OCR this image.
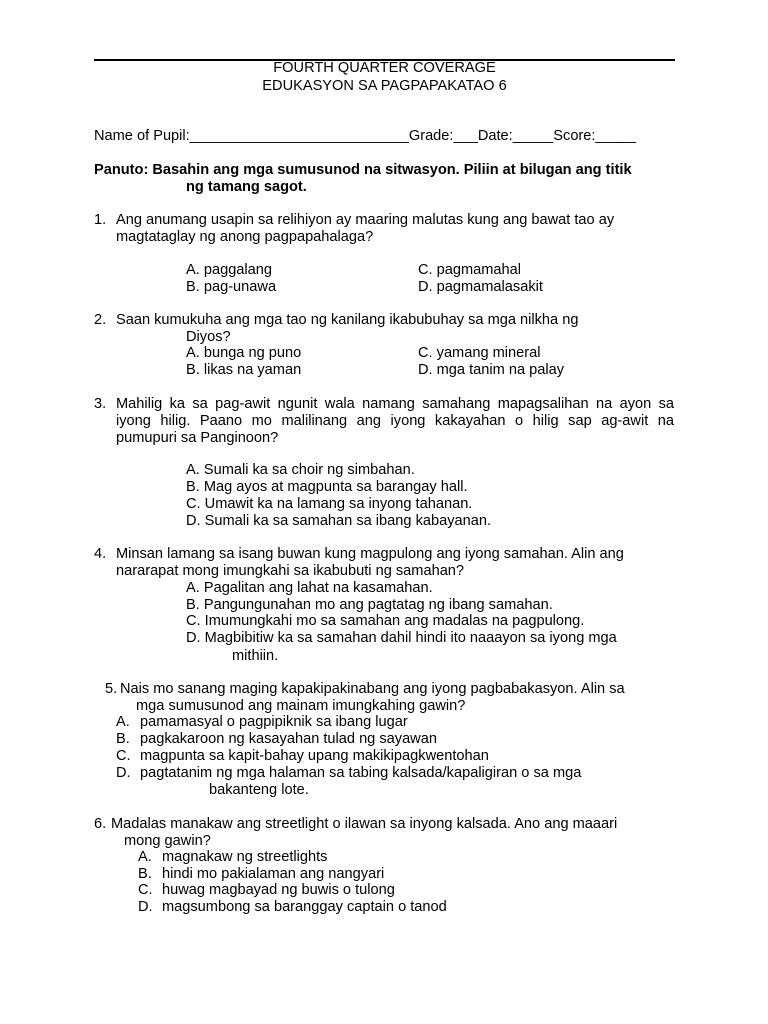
FOURTH QUARTER COVERAGE
EDUKASYON SA PAGPAPAKATAO 6
Name of Pupil:___________________________Grade:___Date:_____Score:_____
Panuto: Basahin ang mga sumusunod na sitwasyon. Piliin at bilugan ang titik
ng tamang sagot.
1. Ang anumang usapin sa relihiyon ay maaring malutas kung ang bawat tao ay
magtataglay ng anong pagpapahalaga?
A. paggalang	C. pagmamahal
B. pag-unawa	D. pagmamalasakit
2. Saan kumukuha ang mga tao ng kanilang ikabubuhay sa mga nilkha ng
Diyos?
A. bunga ng puno	C. yamang mineral
B. likas na yaman	D. mga tanim na palay
3. Mahilig ka sa pag-awit ngunit wala namang samahang mapagsalihan na ayon sa
iyong hilig. Paano mo malilinang ang iyong kakayahan o hilig sap ag-awit na
pumupuri sa Panginoon?
A. Sumali ka sa choir ng simbahan.
B. Mag ayos at magpunta sa barangay hall.
C. Umawit ka na lamang sa inyong tahanan.
D. Sumali ka sa samahan sa ibang kabayanan.
4. Minsan lamang sa isang buwan kung magpulong ang iyong samahan. Alin ang
nararapat mong imungkahi sa ikabubuti ng samahan?
A. Pagalitan ang lahat na kasamahan.
B. Pangungunahan mo ang pagtatag ng ibang samahan.
C. Imumungkahi mo sa samahan ang madalas na pagpulong.
D. Magbibitiw ka sa samahan dahil hindi ito naaayon sa iyong mga
mithiin.
5. Nais mo sanang maging kapakipakinabang ang iyong pagbabakasyon. Alin sa
mga sumusunod ang mainam imungkahing gawin?
A. pamamasyal o pagpipiknik sa ibang lugar
B. pagkakaroon ng kasayahan tulad ng sayawan
C. magpunta sa kapit-bahay upang makikipagkwentohan
D. pagtatanim ng mga halaman sa tabing kalsada/kapaligiran o sa mga
bakanteng lote.
6. Madalas manakaw ang streetlight o ilawan sa inyong kalsada. Ano ang maaari
mong gawin?
A. magnakaw ng streetlights
B. hindi mo pakialaman ang nangyari
C. huwag magbayad ng buwis o tulong
D. magsumbong sa baranggay captain o tanod
